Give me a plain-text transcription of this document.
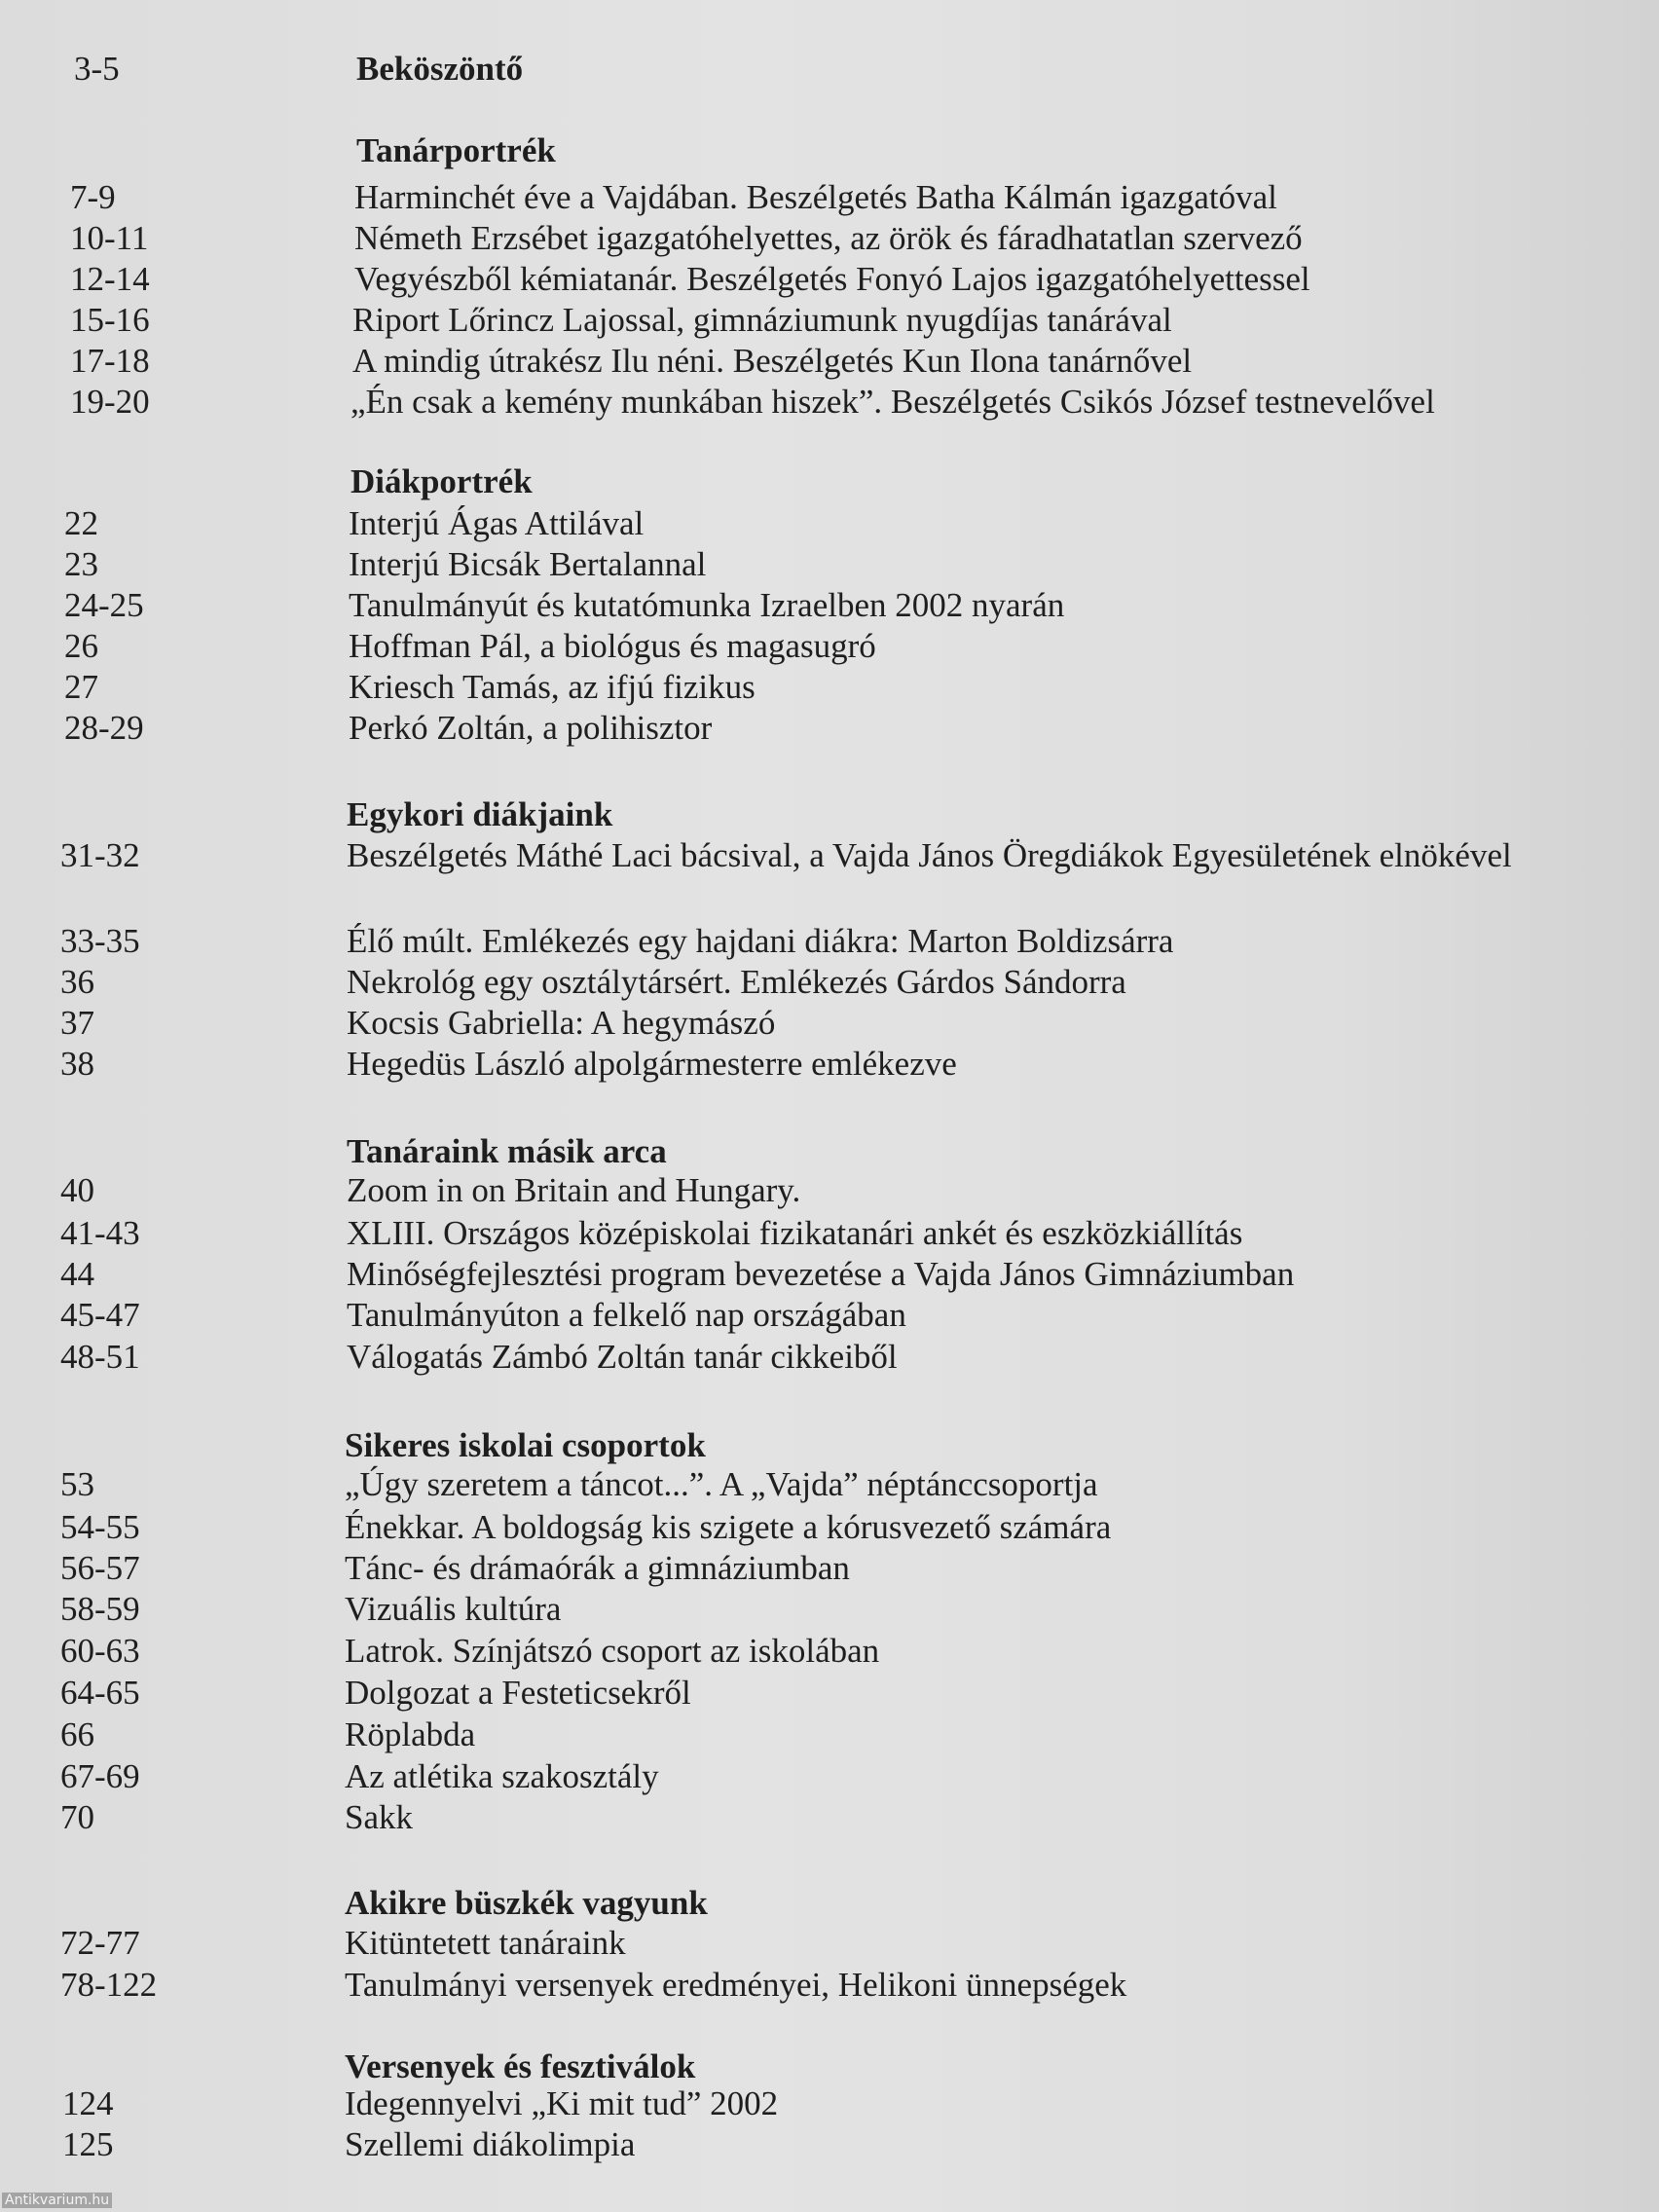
3-5	Beköszöntő
Tanárportrék
7-9	Harminchét éve a Vajdában. Beszélgetés Batha Kálmán igazgatóval
10-11	Németh Erzsébet igazgatóhelyettes, az örök és fáradhatatlan szervező
12-14	Vegyészből kémiatanár. Beszélgetés Fonyó Lajos igazgatóhelyettessel
15-16	Riport Lőrincz Lajossal, gimnáziumunk nyugdíjas tanárával
17-18	A mindig útrakész Ilu néni. Beszélgetés Kun Ilona tanárnővel
19-20	„Én csak a kemény munkában hiszek”. Beszélgetés Csikós József testnevelővel
Diákportrék
22	Interjú Ágas Attilával
23	Interjú Bicsák Bertalannal
24-25	Tanulmányút és kutatómunka Izraelben 2002 nyarán
26	Hoffman Pál, a biológus és magasugró
27	Kriesch Tamás, az ifjú fizikus
28-29	Perkó Zoltán, a polihisztor
Egykori diákjaink
31-32	Beszélgetés Máthé Laci bácsival, a Vajda János Öregdiákok Egyesületének elnökével
33-35	Élő múlt. Emlékezés egy hajdani diákra: Marton Boldizsárra
36	Nekrológ egy osztálytársért. Emlékezés Gárdos Sándorra
37	Kocsis Gabriella: A hegymászó
38	Hegedüs László alpolgármesterre emlékezve
Tanáraink másik arca
40	Zoom in on Britain and Hungary.
41-43	XLIII. Országos középiskolai fizikatanári ankét és eszközkiállítás
44	Minőségfejlesztési program bevezetése a Vajda János Gimnáziumban
45-47	Tanulmányúton a felkelő nap országában
48-51	Válogatás Zámbó Zoltán tanár cikkeiből
Sikeres iskolai csoportok
53	„Úgy szeretem a táncot...”. A „Vajda” néptánccsoportja
54-55	Énekkar. A boldogság kis szigete a kórusvezető számára
56-57	Tánc- és drámaórák a gimnáziumban
58-59	Vizuális kultúra
60-63	Latrok. Színjátszó csoport az iskolában
64-65	Dolgozat a Festeticsekről
66	Röplabda
67-69	Az atlétika szakosztály
70	Sakk
Akikre büszkék vagyunk
72-77	Kitüntetett tanáraink
78-122	Tanulmányi versenyek eredményei, Helikoni ünnepségek
Versenyek és fesztiválok
124	Idegennyelvi „Ki mit tud” 2002
125	Szellemi diákolimpia
Antikvarium.hu
